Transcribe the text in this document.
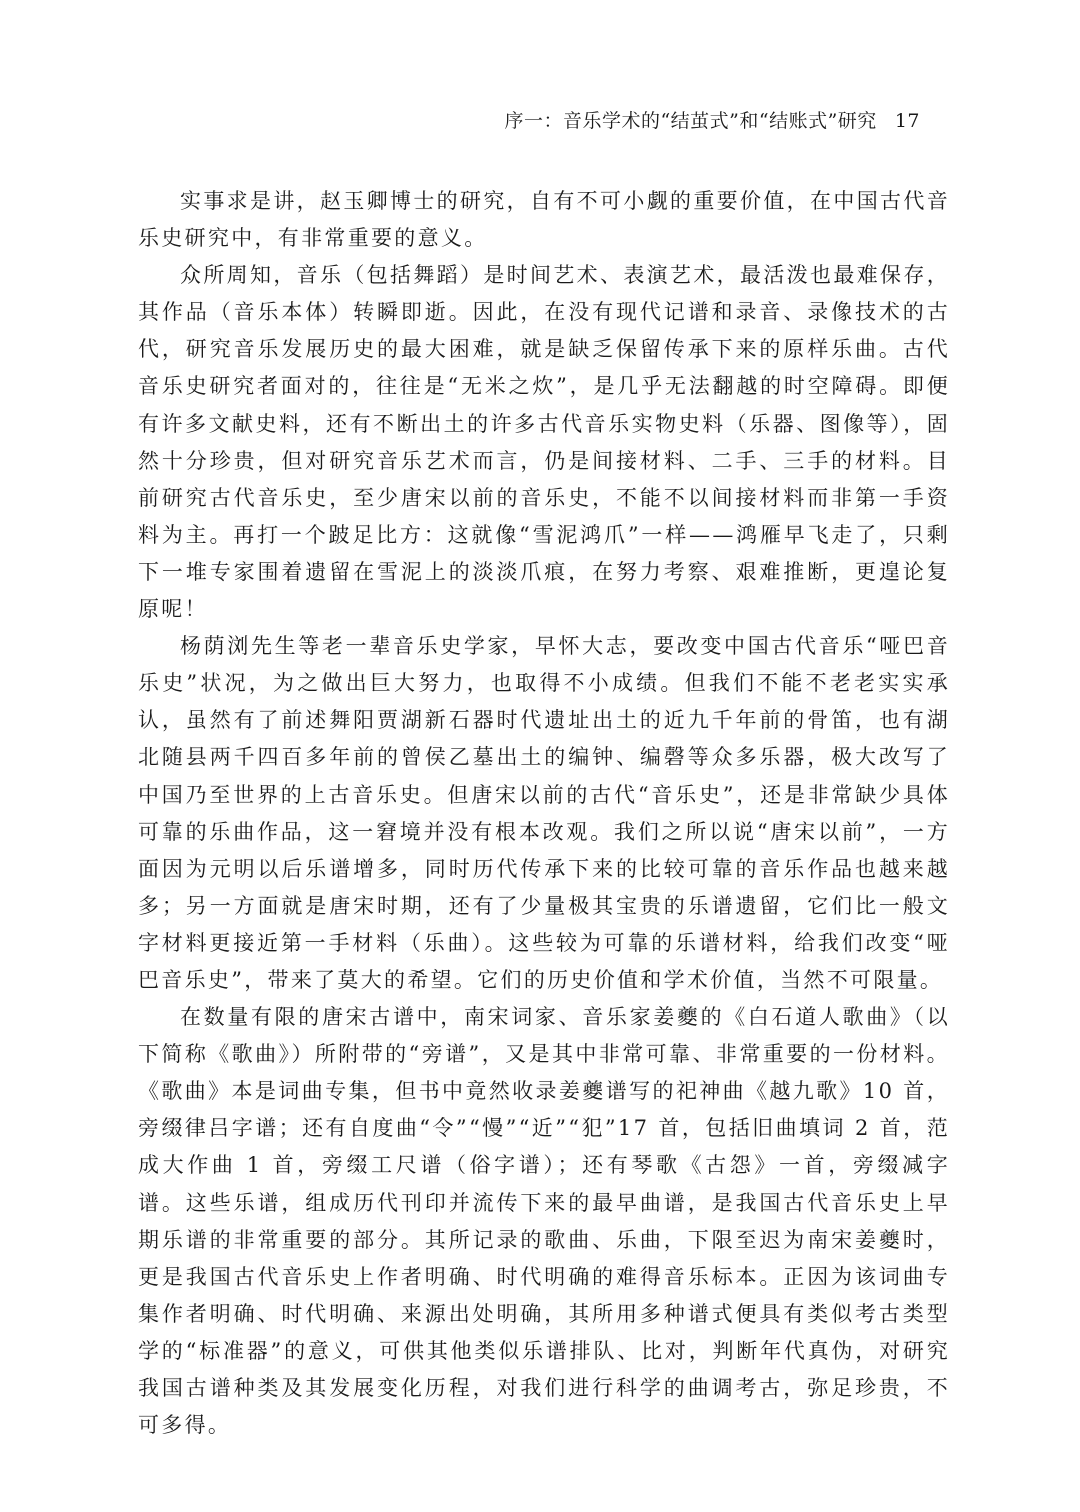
序一：音乐学术的“结茧式”和“结账式”研究 17

实事求是讲，赵玉卿博士的研究，自有不可小觑的重要价值，在中国古代音乐史研究中，有非常重要的意义。

众所周知，音乐（包括舞蹈）是时间艺术、表演艺术，最活泼也最难保存，其作品（音乐本体）转瞬即逝。因此，在没有现代记谱和录音、录像技术的古代，研究音乐发展历史的最大困难，就是缺乏保留传承下来的原样乐曲。古代音乐史研究者面对的，往往是“无米之炊”，是几乎无法翻越的时空障碍。即便有许多文献史料，还有不断出土的许多古代音乐实物史料（乐器、图像等），固然十分珍贵，但对研究音乐艺术而言，仍是间接材料、二手、三手的材料。目前研究古代音乐史，至少唐宋以前的音乐史，不能不以间接材料而非第一手资料为主。再打一个跛足比方：这就像“雪泥鸿爪”一样——鸿雁早飞走了，只剩下一堆专家围着遗留在雪泥上的淡淡爪痕，在努力考察、艰难推断，更遑论复原呢！

杨荫浏先生等老一辈音乐史学家，早怀大志，要改变中国古代音乐“哑巴音乐史”状况，为之做出巨大努力，也取得不小成绩。但我们不能不老老实实承认，虽然有了前述舞阳贾湖新石器时代遗址出土的近九千年前的骨笛，也有湖北随县两千四百多年前的曾侯乙墓出土的编钟、编磬等众多乐器，极大改写了中国乃至世界的上古音乐史。但唐宋以前的古代“音乐史”，还是非常缺少具体可靠的乐曲作品，这一窘境并没有根本改观。我们之所以说“唐宋以前”，一方面因为元明以后乐谱增多，同时历代传承下来的比较可靠的音乐作品也越来越多；另一方面就是唐宋时期，还有了少量极其宝贵的乐谱遗留，它们比一般文字材料更接近第一手材料（乐曲）。这些较为可靠的乐谱材料，给我们改变“哑巴音乐史”，带来了莫大的希望。它们的历史价值和学术价值，当然不可限量。

在数量有限的唐宋古谱中，南宋词家、音乐家姜夔的《白石道人歌曲》（以下简称《歌曲》）所附带的“旁谱”，又是其中非常可靠、非常重要的一份材料。《歌曲》本是词曲专集，但书中竟然收录姜夔谱写的祀神曲《越九歌》10 首，旁缀律吕字谱；还有自度曲“令”“慢”“近”“犯”17 首，包括旧曲填词 2 首，范成大作曲 1 首，旁缀工尺谱（俗字谱）；还有琴歌《古怨》一首，旁缀减字谱。这些乐谱，组成历代刊印并流传下来的最早曲谱，是我国古代音乐史上早期乐谱的非常重要的部分。其所记录的歌曲、乐曲，下限至迟为南宋姜夔时，更是我国古代音乐史上作者明确、时代明确的难得音乐标本。正因为该词曲专集作者明确、时代明确、来源出处明确，其所用多种谱式便具有类似考古类型学的“标准器”的意义，可供其他类似乐谱排队、比对，判断年代真伪，对研究我国古谱种类及其发展变化历程，对我们进行科学的曲调考古，弥足珍贵，不可多得。
